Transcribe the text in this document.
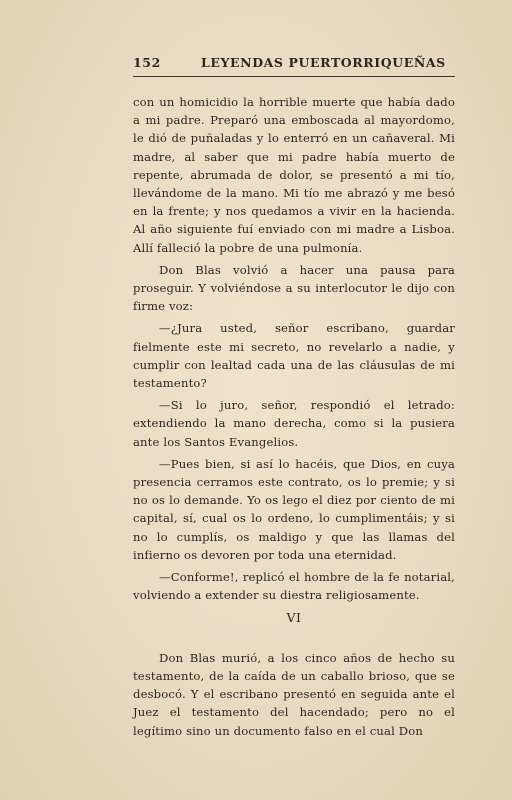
152	LEYENDAS PUERTORRIQUEÑAS

con un homicidio la horrible muerte que había dado a mi padre. Preparó una emboscada al mayordomo, le dió de puñaladas y lo enterró en un cañaveral. Mi madre, al saber que mi padre había muerto de repente, abrumada de dolor, se presentó a mi tío, llevándome de la mano. Mi tío me abrazó y me besó en la frente; y nos quedamos a vivir en la hacienda. Al año siguiente fuí enviado con mi madre a Lisboa. Allí falleció la pobre de una pulmonía.

Don Blas volvió a hacer una pausa para proseguir. Y volviéndose a su interlocutor le dijo con firme voz:

—¿Jura usted, señor escribano, guardar fielmente este mi secreto, no revelarlo a nadie, y cumplir con lealtad cada una de las cláusulas de mi testamento?

—Si lo juro, señor, respondió el letrado: extendiendo la mano derecha, como si la pusiera ante los Santos Evangelios.

—Pues bien, si así lo hacéis, que Dios, en cuya presencia cerramos este contrato, os lo premie; y si no os lo demande. Yo os lego el diez por ciento de mi capital, sí, cual os lo ordeno, lo cumplimentáis; y si no lo cumplís, os maldigo y que las llamas del infierno os devoren por toda una eternidad.

—Conforme!, replicó el hombre de la fe notarial, volviendo a extender su diestra religiosamente.

VI

Don Blas murió, a los cinco años de hecho su testamento, de la caída de un caballo brioso, que se desbocó. Y el escribano presentó en seguida ante el Juez el testamento del hacendado; pero no el legítimo sino un documento falso en el cual Don
